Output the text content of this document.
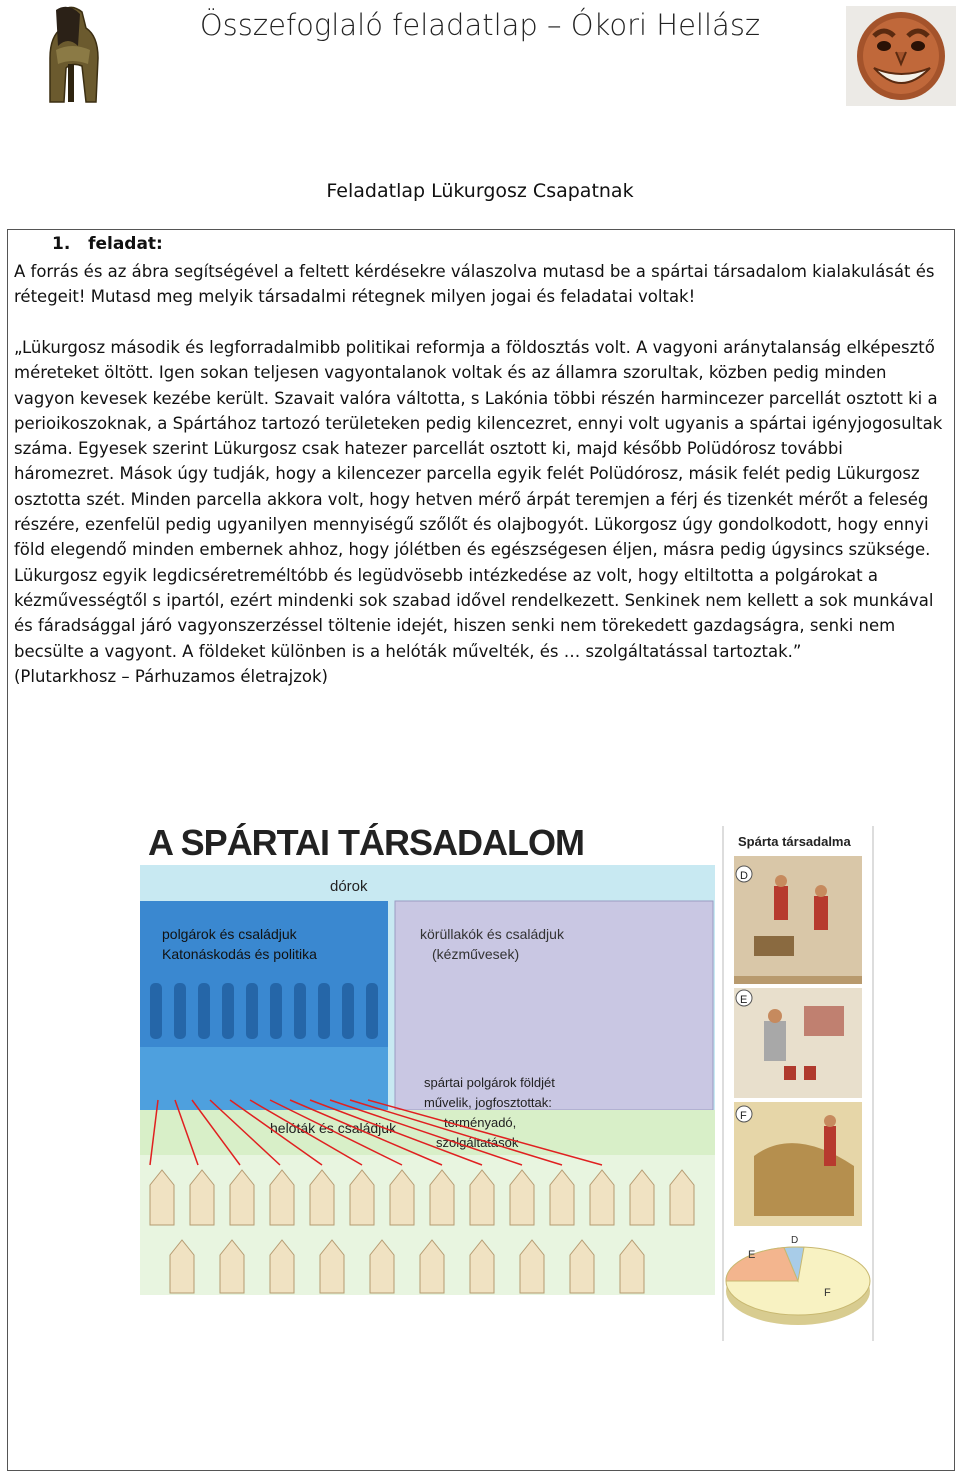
Összefoglaló feladatlap – Ókori Hellász
Feladatlap Lükurgosz Csapatnak
1. feladat:
A forrás és az ábra segítségével a feltett kérdésekre válaszolva mutasd be a spártai társadalom kialakulását és rétegeit! Mutasd meg melyik társadalmi rétegnek milyen jogai és feladatai voltak!

„Lükurgosz második és legforradalmibb politikai reformja a földosztás volt. A vagyoni aránytalanság elképesztő méreteket öltött. Igen sokan teljesen vagyontalanok voltak és az államra szorultak, közben pedig minden vagyon kevesek kezébe került. Szavait valóra váltotta, s Lakónia többi részén harmincezer parcellát osztott ki a perioikoszoknak, a Spártához tartozó területeken pedig kilencezret, ennyi volt ugyanis a spártai igényjogosultak száma. Egyesek szerint Lükurgosz csak hatezer parcellát osztott ki, majd később Polüdórosz további háromezret. Mások úgy tudják, hogy a kilencezer parcella egyik felét Polüdórosz, másik felét pedig Lükurgosz osztotta szét. Minden parcella akkora volt, hogy hetven mérő árpát teremjen a férj és tizenkét mérőt a feleség részére, ezenfelül pedig ugyanilyen mennyiségű szőlőt és olajbogyót. Lükorgosz úgy gondolkodott, hogy ennyi föld elegendő minden embernek ahhoz, hogy jólétben és egészségesen éljen, másra pedig úgysincs szüksége. Lükurgosz egyik legdicséretreméltóbb és legüdvösebb intézkedése az volt, hogy eltiltotta a polgárokat a kézművességtől s ipartól, ezért mindenki sok szabad idővel rendelkezett. Senkinek nem kellett a sok munkával és fáradsággal járó vagyonszerzéssel töltenie idejét, hiszen senki nem törekedett gazdagságra, senki nem becsülte a vagyont. A földeket különben is a helóták művelték, és … szolgáltatással tartoztak.”

(Plutarkhosz – Párhuzamos életrajzok)

A SPÁRTAI TÁRSADALOM
dórok
polgárok és családjuk
Katonáskodás és politika
körüllakók és családjuk
(kézművesek)
helóták és családjuk
spártai polgárok földjét
művelik, jogfosztottak:
terményadó,
szolgáltatások
Spárta társadalma
D
E
F
E
D
F
